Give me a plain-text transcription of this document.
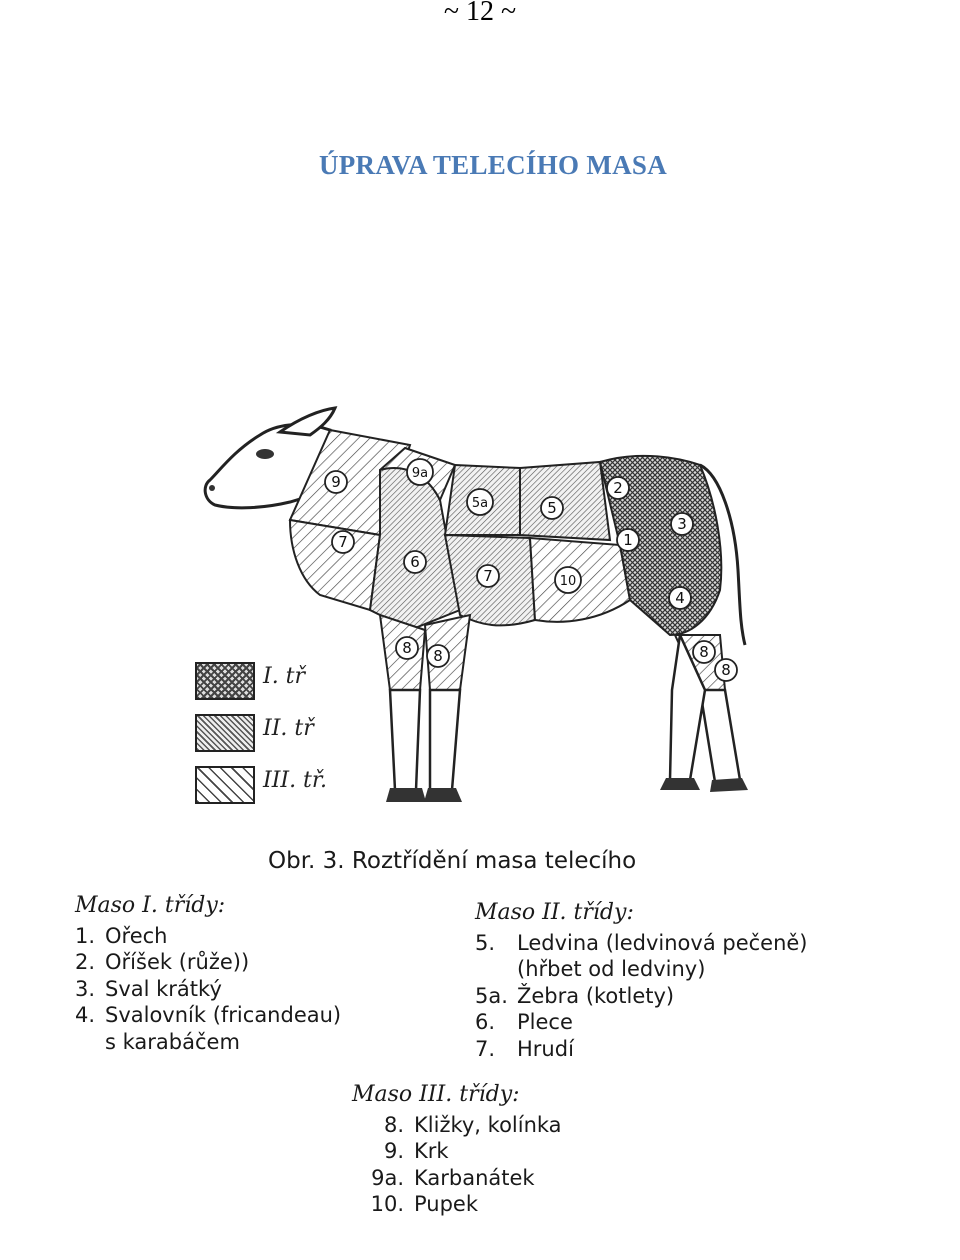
~ 12 ~
ÚPRAVA TELECÍHO MASA
9	9a
5a	5
2
3
1
7
6
7	10
4
8 8	8
8
I. tř
II. tř
III. tř.
Obr. 3. Roztřídění masa telecího
Maso I. třídy:
1. Ořech
2. Oříšek (růže))
3. Sval krátký
4. Svalovník (fricandeau)
s karabáčem
Maso II. třídy:
5. Ledvina (ledvinová pečeně)
(hřbet od ledviny)
5a. Žebra (kotlety)
6. Plece
7. Hrudí
Maso III. třídy:
8. Kližky, kolínka
9. Krk
9a. Karbanátek
10. Pupek
